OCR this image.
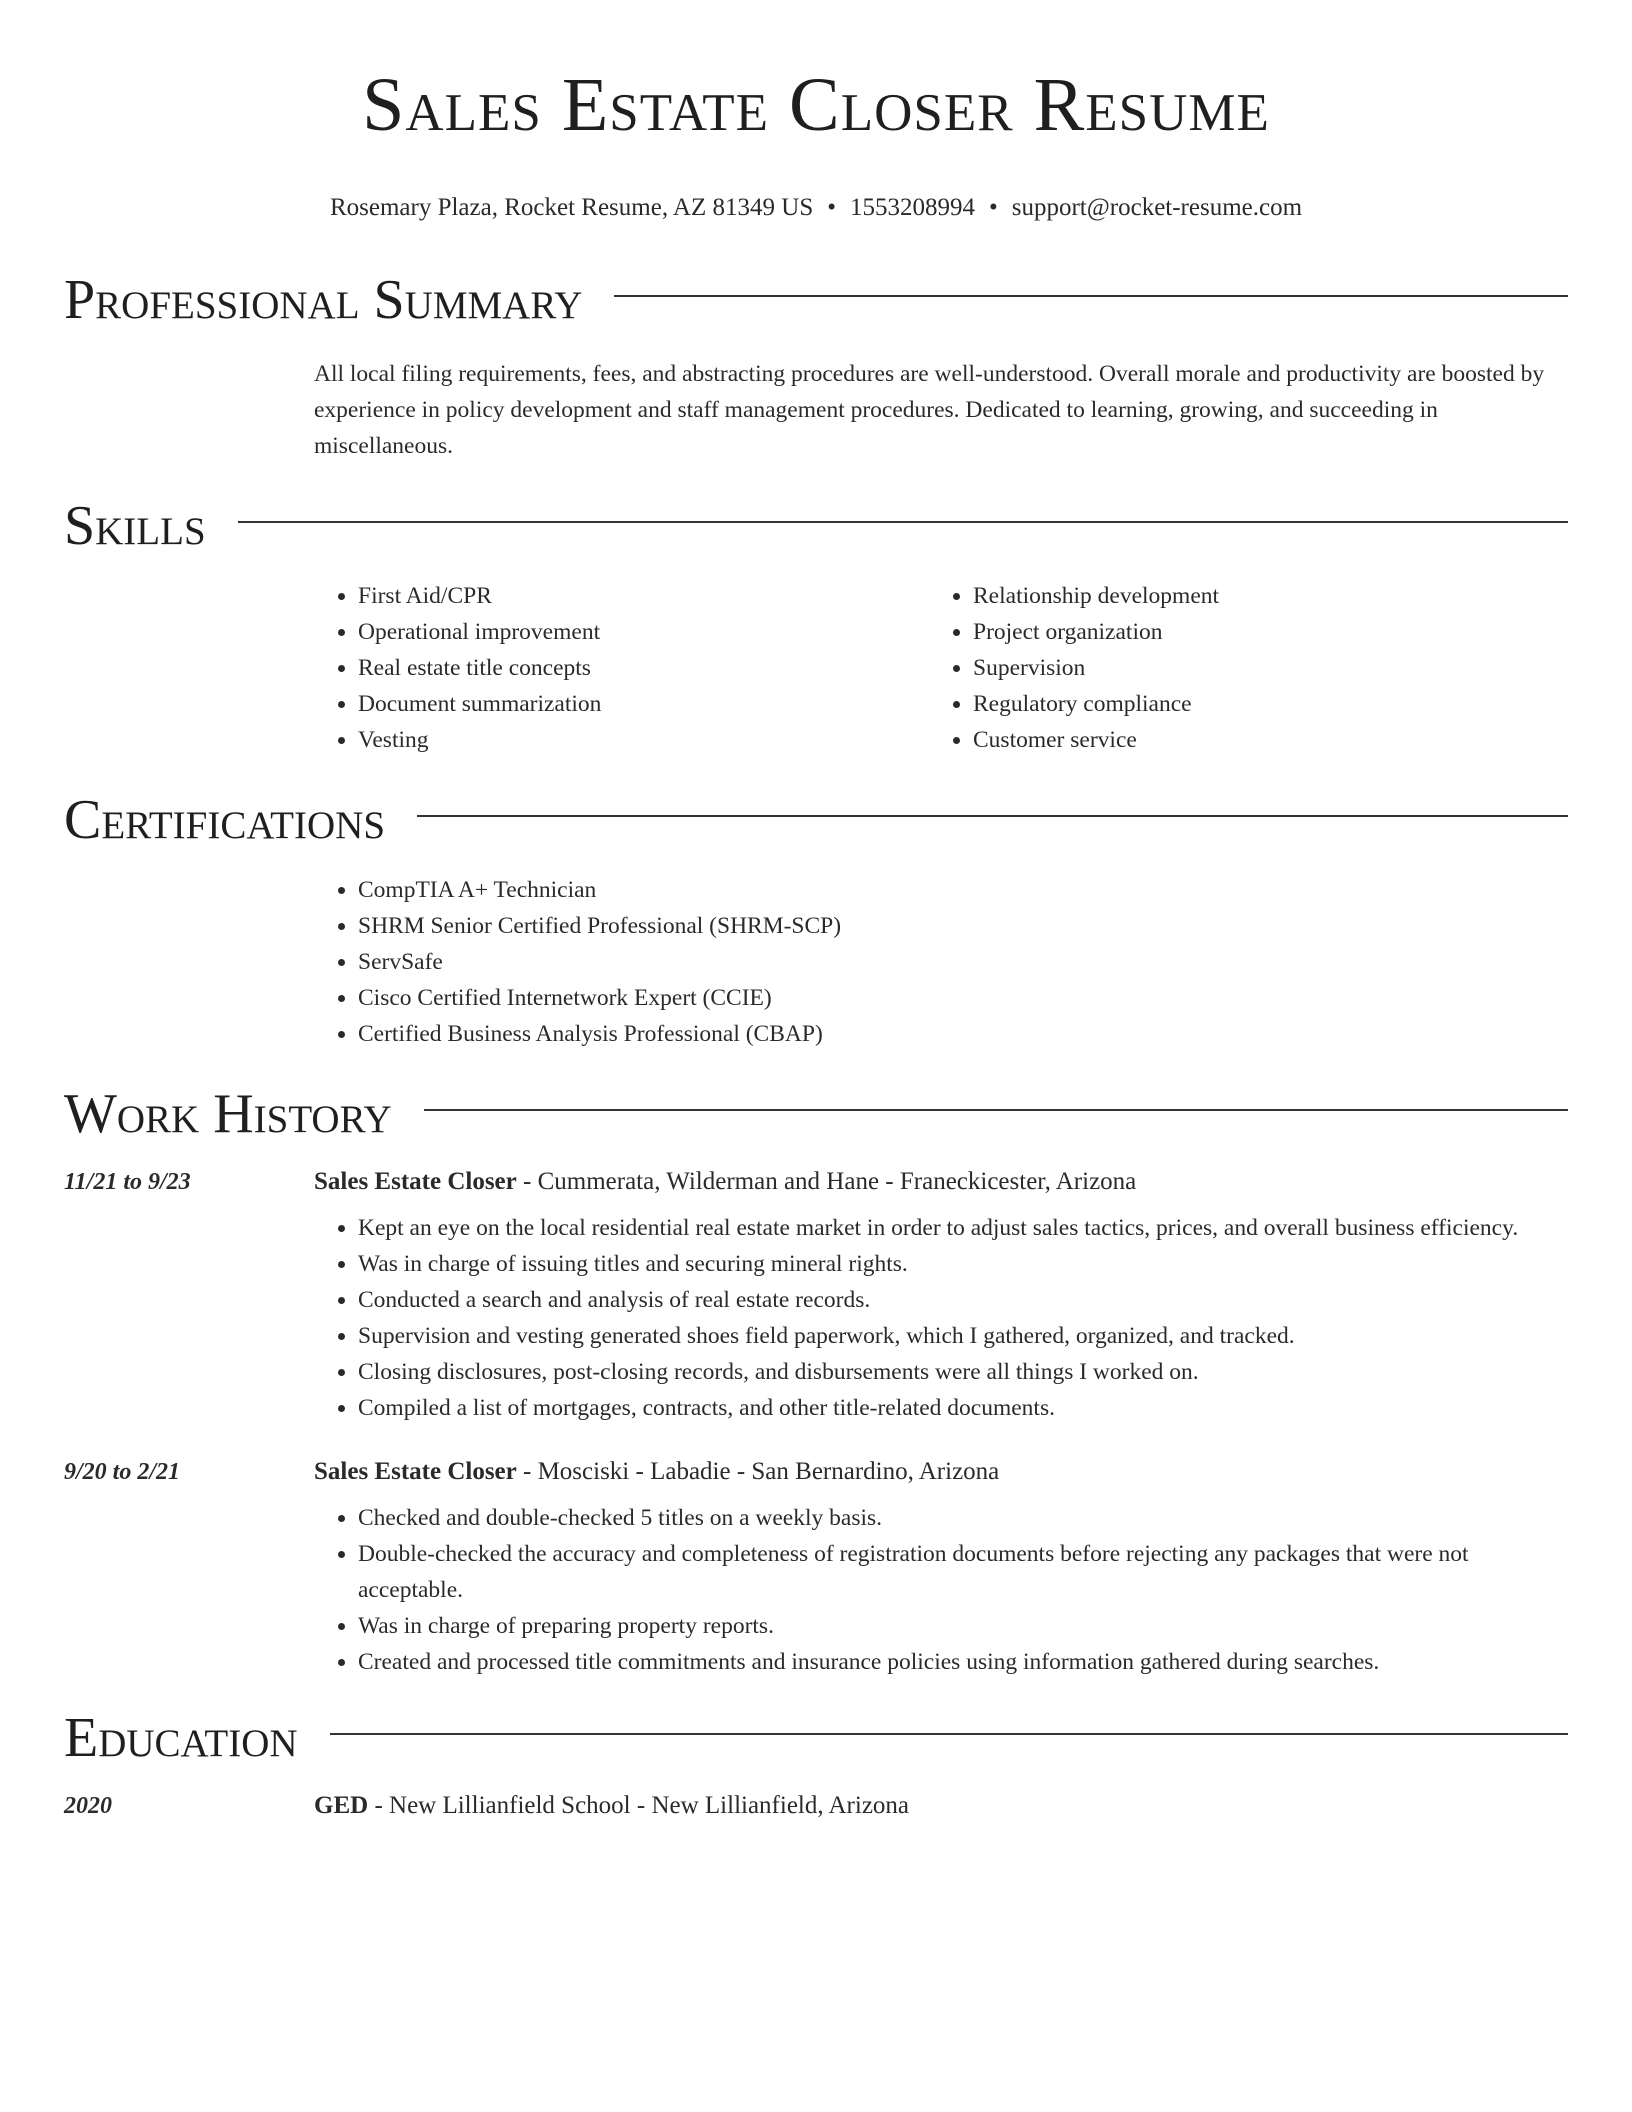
Sales Estate Closer Resume
Rosemary Plaza, Rocket Resume, AZ 81349 US • 1553208994 • support@rocket-resume.com
Professional Summary
All local filing requirements, fees, and abstracting procedures are well-understood. Overall morale and productivity are boosted by experience in policy development and staff management procedures. Dedicated to learning, growing, and succeeding in miscellaneous.
Skills
• First Aid/CPR
• Operational improvement
• Real estate title concepts
• Document summarization
• Vesting
• Relationship development
• Project organization
• Supervision
• Regulatory compliance
• Customer service
Certifications
• CompTIA A+ Technician
• SHRM Senior Certified Professional (SHRM-SCP)
• ServSafe
• Cisco Certified Internetwork Expert (CCIE)
• Certified Business Analysis Professional (CBAP)
Work History
11/21 to 9/23	Sales Estate Closer - Cummerata, Wilderman and Hane - Franeckicester, Arizona
• Kept an eye on the local residential real estate market in order to adjust sales tactics, prices, and overall business efficiency.
• Was in charge of issuing titles and securing mineral rights.
• Conducted a search and analysis of real estate records.
• Supervision and vesting generated shoes field paperwork, which I gathered, organized, and tracked.
• Closing disclosures, post-closing records, and disbursements were all things I worked on.
• Compiled a list of mortgages, contracts, and other title-related documents.
9/20 to 2/21	Sales Estate Closer - Mosciski - Labadie - San Bernardino, Arizona
• Checked and double-checked 5 titles on a weekly basis.
• Double-checked the accuracy and completeness of registration documents before rejecting any packages that were not acceptable.
• Was in charge of preparing property reports.
• Created and processed title commitments and insurance policies using information gathered during searches.
Education
2020	GED - New Lillianfield School - New Lillianfield, Arizona
